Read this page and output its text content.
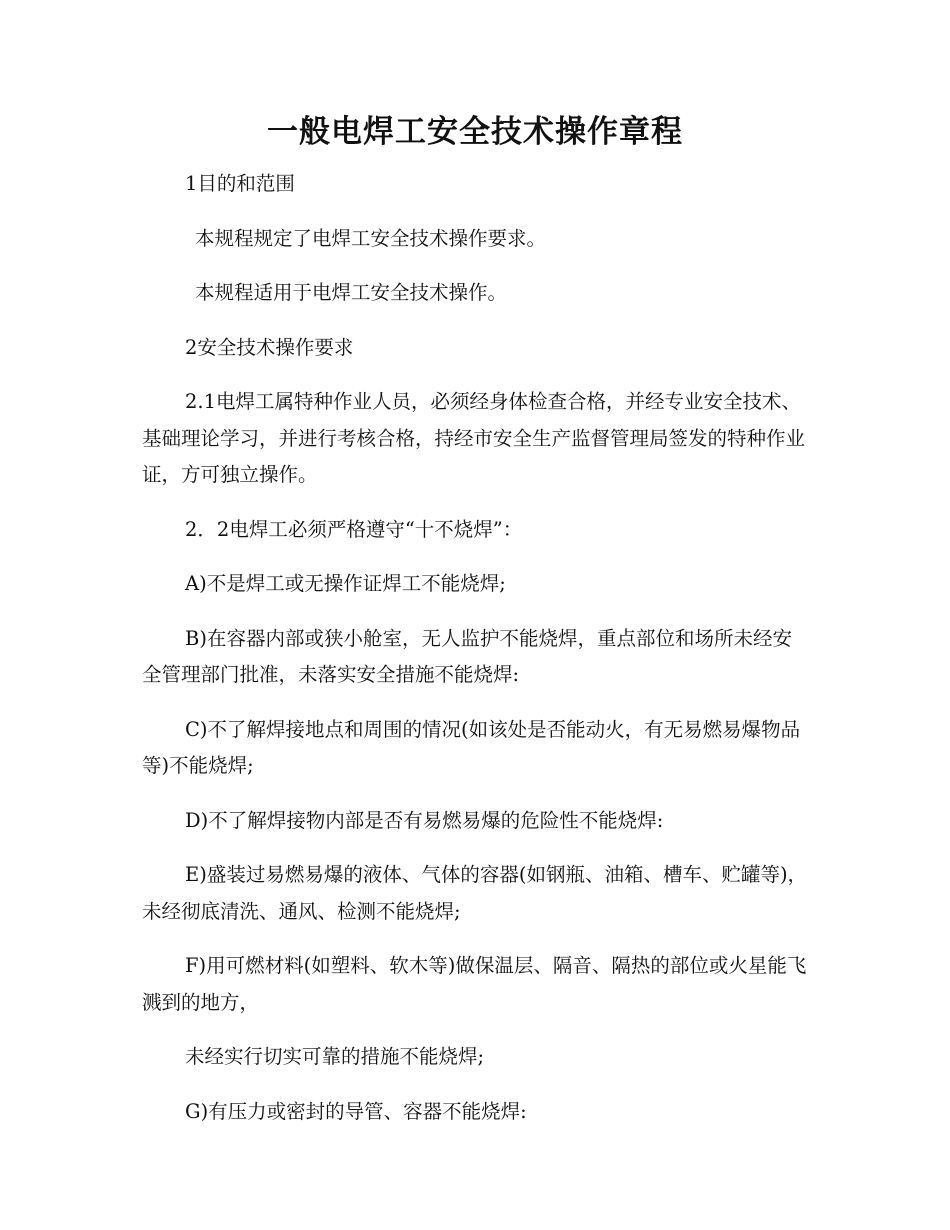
一般电焊工安全技术操作章程

1目的和范围

本规程规定了电焊工安全技术操作要求。

本规程适用于电焊工安全技术操作。

2安全技术操作要求

2.1电焊工属特种作业人员，必须经身体检查合格，并经专业安全技术、基础理论学习，并进行考核合格，持经市安全生产监督管理局签发的特种作业证，方可独立操作。

2．2电焊工必须严格遵守“十不烧焊”：

A)不是焊工或无操作证焊工不能烧焊;

B)在容器内部或狭小舱室，无人监护不能烧焊，重点部位和场所未经安全管理部门批准，未落实安全措施不能烧焊:

C)不了解焊接地点和周围的情况(如该处是否能动火，有无易燃易爆物品等)不能烧焊;

D)不了解焊接物内部是否有易燃易爆的危险性不能烧焊:

E)盛装过易燃易爆的液体、气体的容器(如钢瓶、油箱、槽车、贮罐等)，未经彻底清洗、通风、检测不能烧焊;

F)用可燃材料(如塑料、软木等)做保温层、隔音、隔热的部位或火星能飞溅到的地方，

未经实行切实可靠的措施不能烧焊;

G)有压力或密封的导管、容器不能烧焊:
